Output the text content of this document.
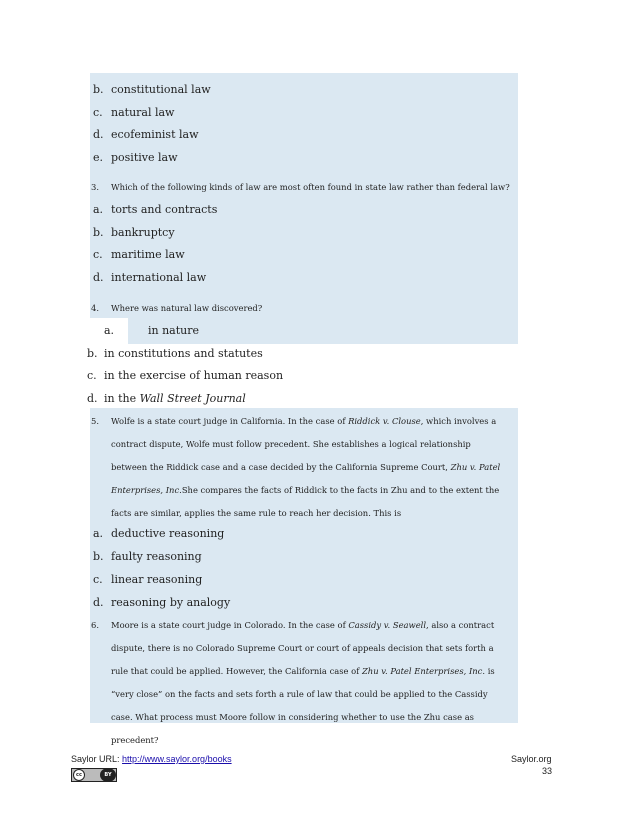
b. constitutional law
c. natural law
d. ecofeminist law
e. positive law
3. Which of the following kinds of law are most often found in state law rather than federal law?
a. torts and contracts
b. bankruptcy
c. maritime law
d. international law
4. Where was natural law discovered?
a.	in nature
b. in constitutions and statutes
c. in the exercise of human reason
d. in the Wall Street Journal
5. Wolfe is a state court judge in California. In the case of Riddick v. Clouse, which involves a contract dispute, Wolfe must follow precedent. She establishes a logical relationship between the Riddick case and a case decided by the California Supreme Court, Zhu v. Patel Enterprises, Inc.She compares the facts of Riddick to the facts in Zhu and to the extent the facts are similar, applies the same rule to reach her decision. This is
a. deductive reasoning
b. faulty reasoning
c. linear reasoning
d. reasoning by analogy
6. Moore is a state court judge in Colorado. In the case of Cassidy v. Seawell, also a contract dispute, there is no Colorado Supreme Court or court of appeals decision that sets forth a rule that could be applied. However, the California case of Zhu v. Patel Enterprises, Inc. is “very close” on the facts and sets forth a rule of law that could be applied to the Cassidy case. What process must Moore follow in considering whether to use the Zhu case as precedent?
Saylor URL: http://www.saylor.org/books	Saylor.org
33
cc	BY NC SA
